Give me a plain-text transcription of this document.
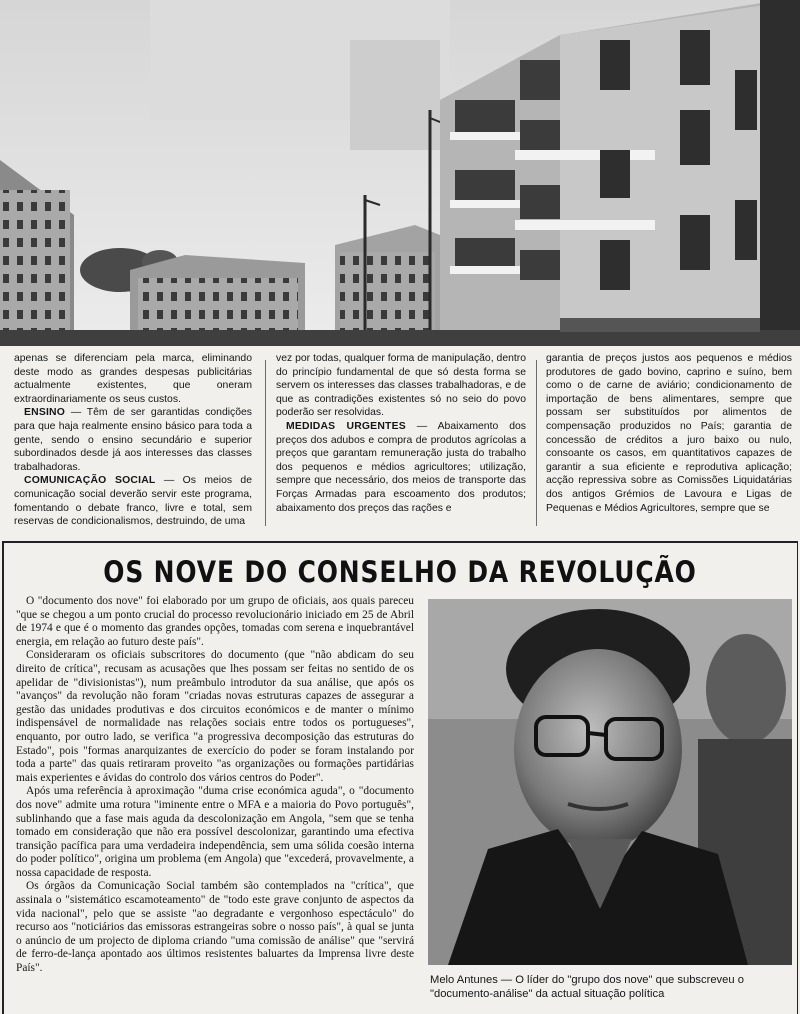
apenas se diferenciam pela marca, eliminando deste modo as grandes despesas publicitárias actualmente existentes, que oneram extraordinariamente os seus custos.

ENSINO — Têm de ser garantidas condições para que haja realmente ensino básico para toda a gente, sendo o ensino secundário e superior subordinados desde já aos interesses das classes trabalhadoras.

COMUNICAÇÃO SOCIAL — Os meios de comunicação social deverão servir este programa, fomentando o debate franco, livre e total, sem reservas de condicionalismos, destruindo, de uma

vez por todas, qualquer forma de manipulação, dentro do princípio fundamental de que só desta forma se servem os interesses das classes trabalhadoras, e de que as contradições existentes só no seio do povo poderão ser resolvidas.

MEDIDAS URGENTES — Abaixamento dos preços dos adubos e compra de produtos agrícolas a preços que garantam remuneração justa do trabalho dos pequenos e médios agricultores; utilização, sempre que necessário, dos meios de transporte das Forças Armadas para escoamento dos produtos; abaixamento dos preços das rações e

garantia de preços justos aos pequenos e médios produtores de gado bovino, caprino e suíno, bem como o de carne de aviário; condicionamento de importação de bens alimentares, sempre que possam ser substituídos por alimentos de compensação produzidos no País; garantia de concessão de créditos a juro baixo ou nulo, consoante os casos, em quantitativos capazes de garantir a sua eficiente e reprodutiva aplicação; acção repressiva sobre as Comissões Liquidatárias dos antigos Grémios de Lavoura e Ligas de Pequenas e Médios Agricultores, sempre que se

OS NOVE DO CONSELHO DA REVOLUÇÃO

O "documento dos nove" foi elaborado por um grupo de oficiais, aos quais pareceu "que se chegou a um ponto crucial do processo revolucionário iniciado em 25 de Abril de 1974 e que é o momento das grandes opções, tomadas com serena e inquebrantável energia, em relação ao futuro deste país".

Consideraram os oficiais subscritores do documento (que "não abdicam do seu direito de crítica", recusam as acusações que lhes possam ser feitas no sentido de os apelidar de "divisionistas"), num preâmbulo introdutor da sua análise, que após os "avanços" da revolução não foram "criadas novas estruturas capazes de assegurar a gestão das unidades produtivas e dos circuitos económicos e de manter o mínimo indispensável de normalidade nas relações sociais entre todos os portugueses", enquanto, por outro lado, se verifica "a progressiva decomposição das estruturas do Estado", pois "formas anarquizantes de exercício do poder se foram instalando por toda a parte" das quais retiraram proveito "as organizações ou formações partidárias mais experientes e ávidas do controlo dos vários centros do Poder".

Após uma referência à aproximação "duma crise económica aguda", o "documento dos nove" admite uma rotura "iminente entre o MFA e a maioria do Povo português", sublinhando que a fase mais aguda da descolonização em Angola, "sem que se tenha tomado em consideração que não era possível descolonizar, garantindo uma efectiva transição pacífica para uma verdadeira independência, sem uma sólida coesão interna do poder político", origina um problema (em Angola) que "excederá, provavelmente, a nossa capacidade de resposta.

Os órgãos da Comunicação Social também são contemplados na "crítica", que assinala o "sistemático escamoteamento" de "todo este grave conjunto de aspectos da vida nacional", pelo que se assiste "ao degradante e vergonhoso espectáculo" do recurso aos "noticiários das emissoras estrangeiras sobre o nosso país", à qual se junta o anúncio de um projecto de diploma criando "uma comissão de análise" que "servirá de ferro-de-lança apontado aos últimos resistentes baluartes da Imprensa livre deste País".

Melo Antunes — O líder do "grupo dos nove" que subscreveu o "documento-análise" da actual situação política
